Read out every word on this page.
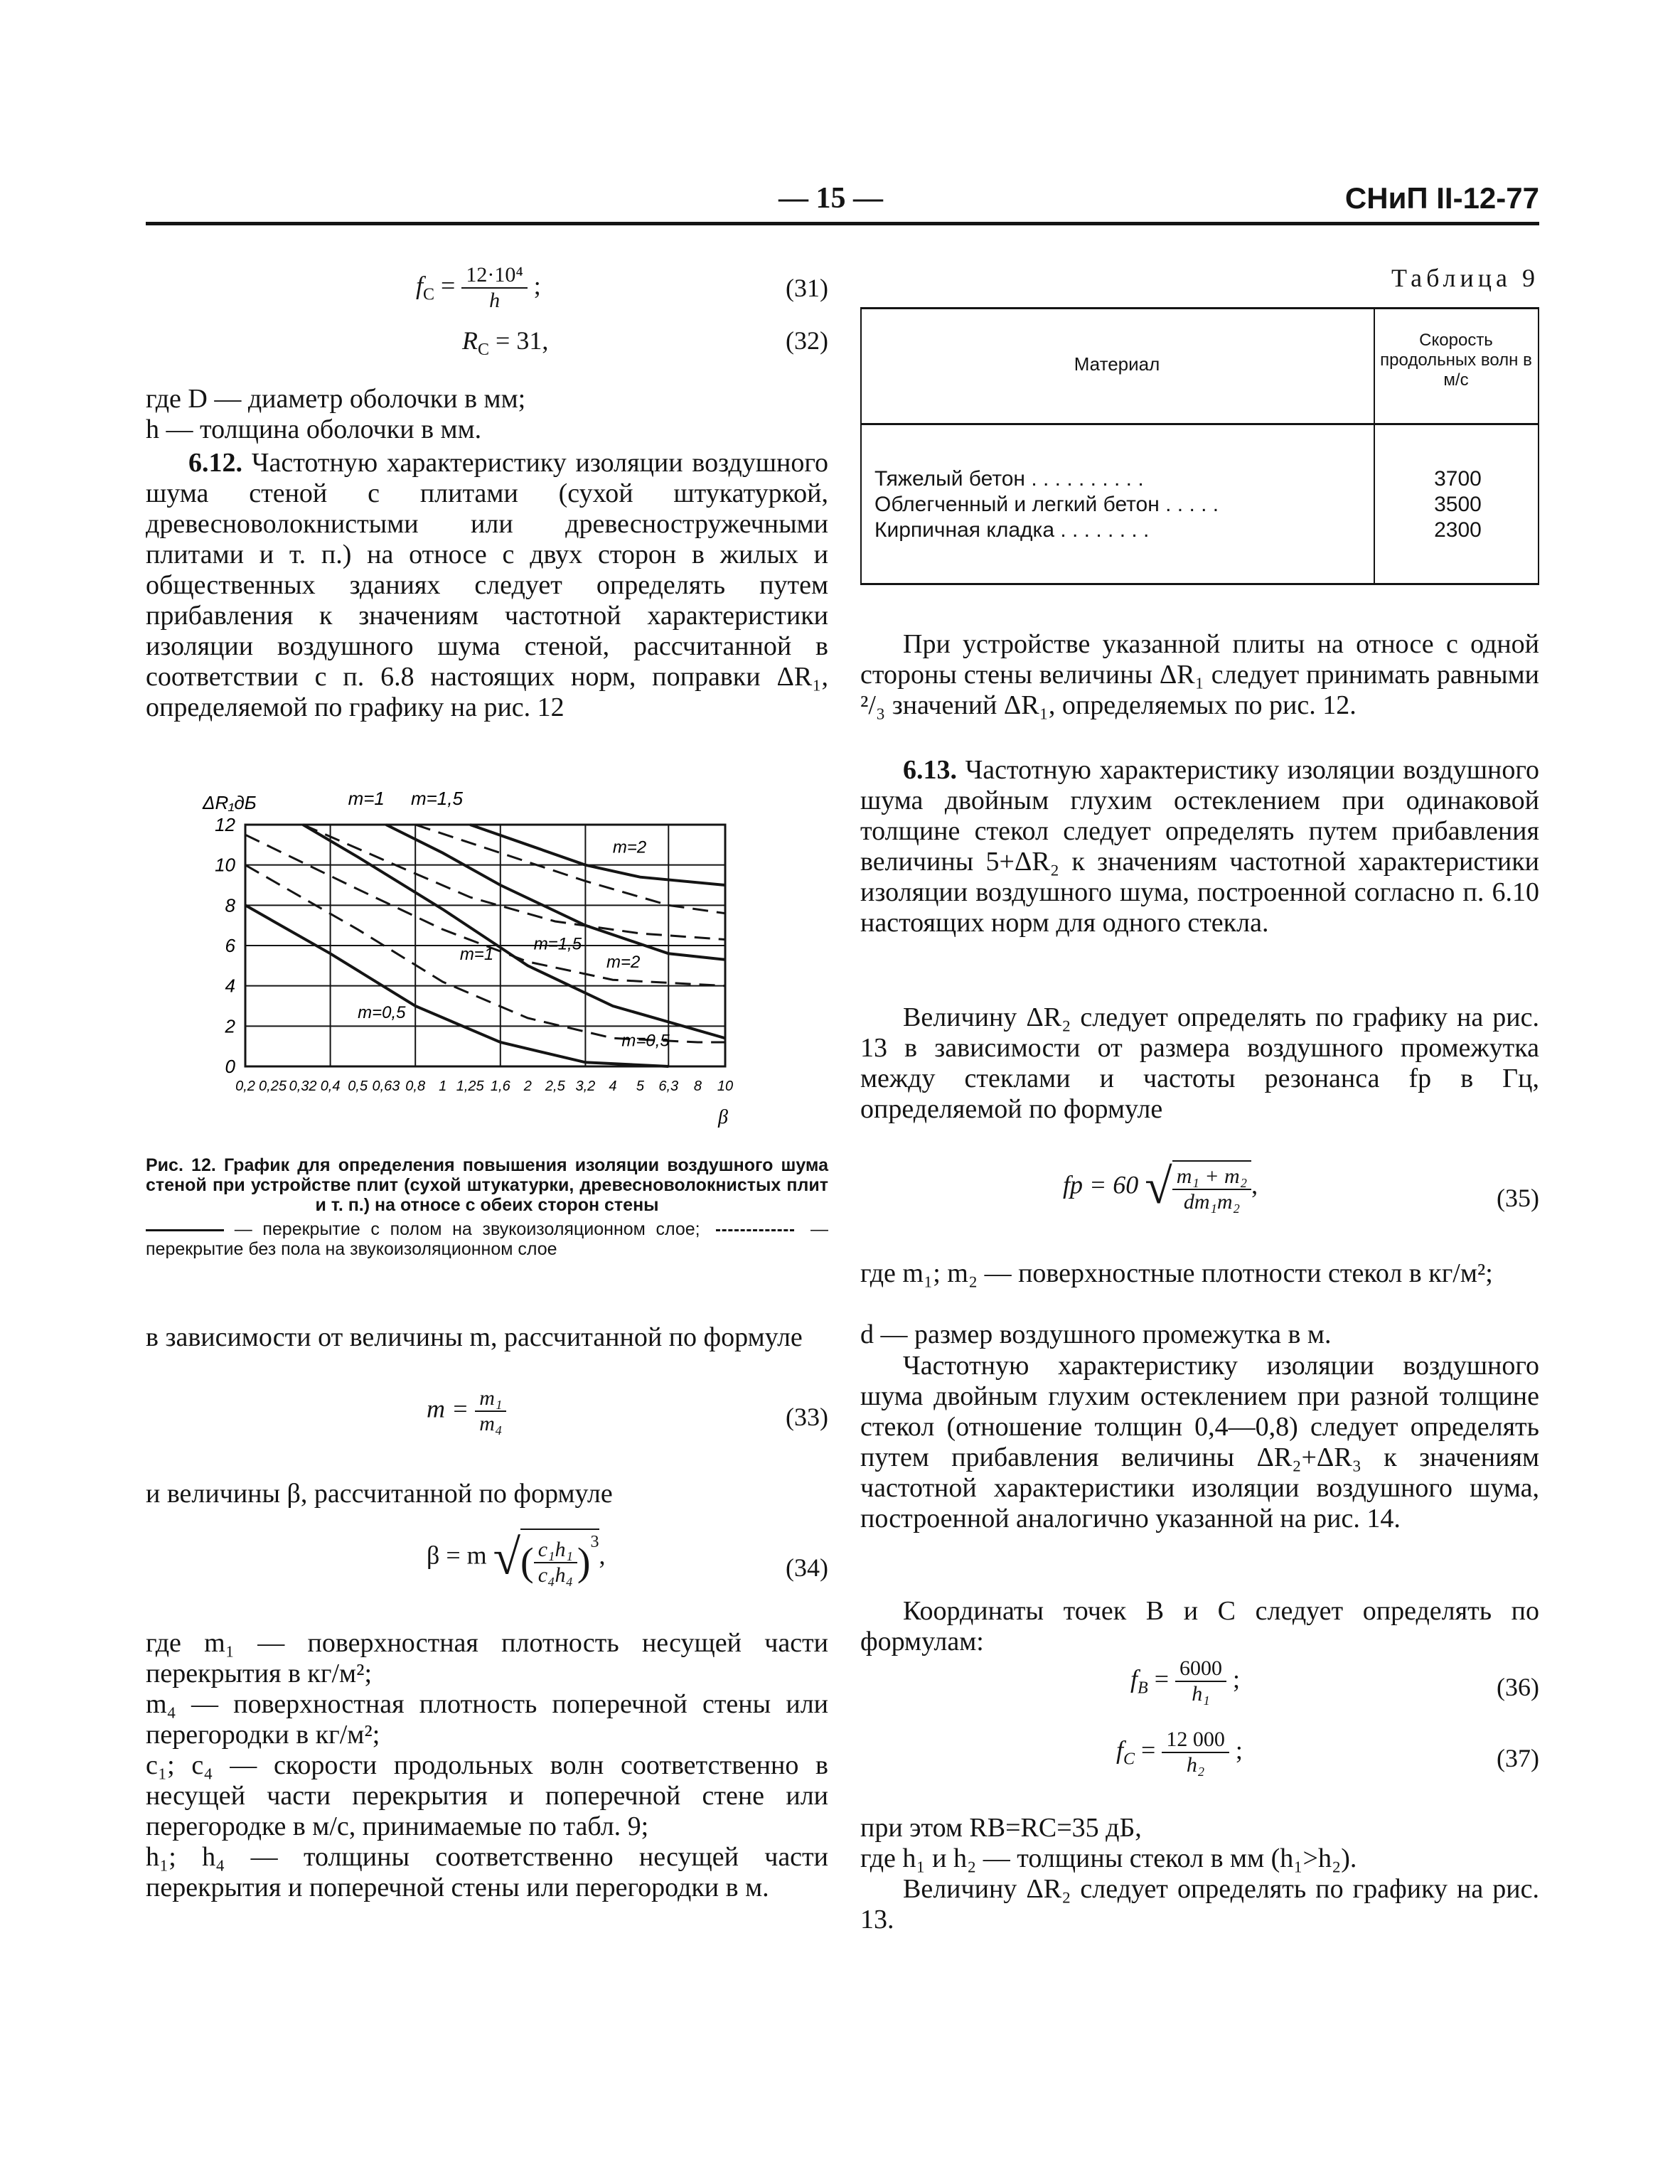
— 15 —	СНиП II-12-77
$f_C = \frac{\text{12·10⁴}}{h}$ ;	(31)
$R_C = 31$,	(32)
где D — диаметр оболочки в мм;
h — толщина оболочки в мм.
6.12. Частотную характеристику изоляции воздушного шума стеной с плитами (сухой штукатуркой, древесноволокнистыми или древесностружечными плитами и т. п.) на относе с двух сторон в жилых и общественных зданиях следует определять путем прибавления к значениям частотной характеристики изоляции воздушного шума стеной, рассчитанной в соответствии с п. 6.8 настоящих норм, поправки ΔR₁, определяемой по графику на рис. 12
0
2
4
6
8
10
12
0,2 0,25 0,32 0,4 0,5 0,63 0,8 1 1,25 1,6 2 2,5 3,2 4 5 6,3 8 10
ΔR₁дБ
β
m=1 m=1,5
m=2
m=1,5
m=2
m=1
m=0,5
m=0,5
Рис. 12. График для определения повышения изоляции воздушного шума стеной при устройстве плит (сухой штукатурки, древесноволокнистых плит и т. п.) на относе с обеих сторон стены
— перекрытие с полом на звукоизоляционном слое;	— перекрытие без пола на звукоизоляционном слое
в зависимости от величины m, рассчитанной по формуле
$m = \frac{\text{m₁}}{\text{m₄}}$	(33)
и величины β, рассчитанной по формуле
β = m √( $\frac{\text{c₁h₁}}{\text{c₄h₄}} )^3$,	(34)
где m₁ — поверхностная плотность несущей части перекрытия в кг/м²;
m₄ — поверхностная плотность поперечной стены или перегородки в кг/м²;
c₁; c₄ — скорости продольных волн соответственно в несущей части перекрытия и поперечной стене или перегородке в м/с, принимаемые по табл. 9;
h₁; h₄ — толщины соответственно несущей части перекрытия и поперечной стены или перегородки в м.
Таблица 9
Материал
Скорость продольных волн в м/с
Тяжелый бетон . . . . . . . . . .	3700
Облегченный и легкий бетон . . . . .	3500
Кирпичная кладка . . . . . . . .	2300
При устройстве указанной плиты на относе с одной стороны стены величины ΔR₁ следует принимать равными ²/₃ значений ΔR₁, определяемых по рис. 12.
6.13. Частотную характеристику изоляции воздушного шума двойным глухим остеклением при одинаковой толщине стекол следует определять путем прибавления величины 5+ΔR₂ к значениям частотной характеристики изоляции воздушного шума, построенной согласно п. 6.10 настоящих норм для одного стекла.
Величину ΔR₂ следует определять по графику на рис. 13 в зависимости от размера воздушного промежутка между стеклами и частоты резонанса fр в Гц, определяемой по формуле
fр = 60 √ $\frac{\text{m₁ + m₂}}{\text{dm₁m₂}}$ ,	(35)
где m₁; m₂ — поверхностные плотности стекол в кг/м²;
d — размер воздушного промежутка в м.
Частотную характеристику изоляции воздушного шума двойным глухим остеклением при разной толщине стекол (отношение толщин 0,4—0,8) следует определять путем прибавления величины ΔR₂+ΔR₃ к значениям частотной характеристики изоляции воздушного шума, построенной аналогично указанной на рис. 14.
Координаты точек B и C следует определять по формулам:
$f_B = \frac{6000}{\text{h₁}}$ ;	(36)
$f_C = \frac{12 000}{\text{h₂}}$ ;	(37)
при этом RB=RC=35 дБ,
где h₁ и h₂ — толщины стекол в мм (h₁>h₂).
Величину ΔR₂ следует определять по графику на рис. 13.
